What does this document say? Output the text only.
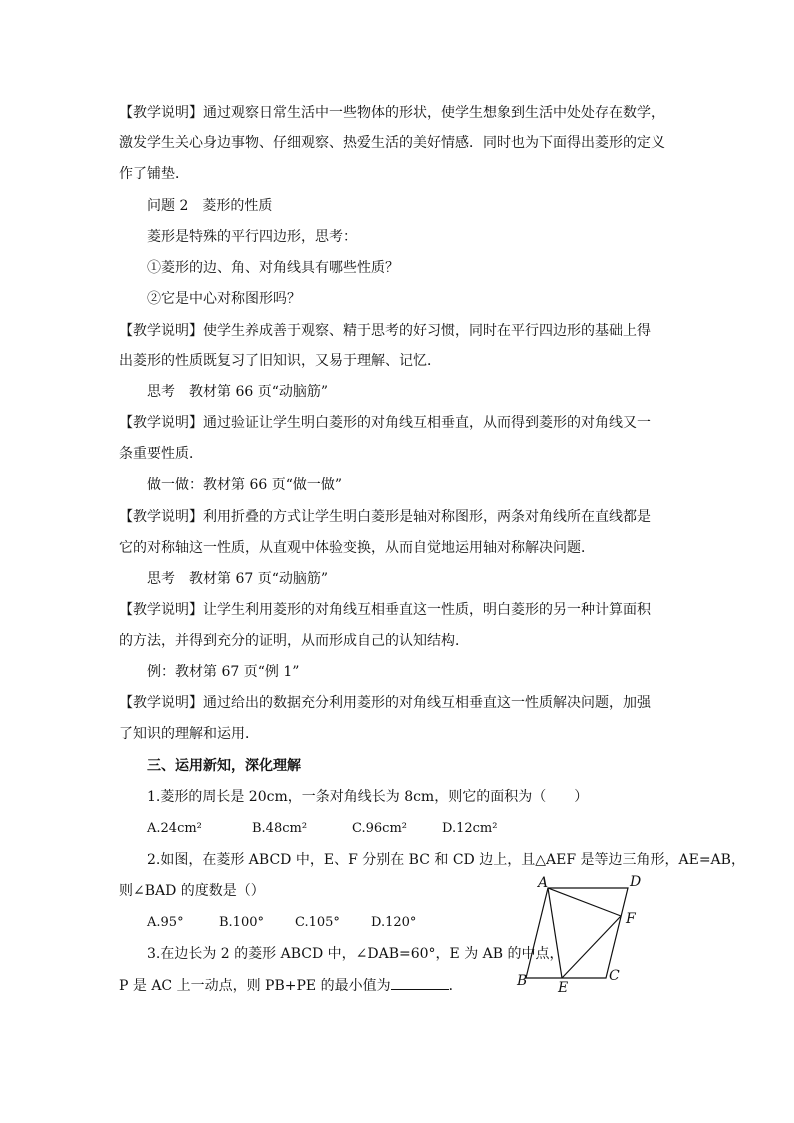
【教学说明】通过观察日常生活中一些物体的形状，使学生想象到生活中处处存在数学，
激发学生关心身边事物、仔细观察、热爱生活的美好情感．同时也为下面得出菱形的定义
作了铺垫．
问题 2　菱形的性质
菱形是特殊的平行四边形，思考：
①菱形的边、角、对角线具有哪些性质？
②它是中心对称图形吗？
【教学说明】使学生养成善于观察、精于思考的好习惯，同时在平行四边形的基础上得
出菱形的性质既复习了旧知识，又易于理解、记忆．
思考　教材第 66 页“动脑筋”
【教学说明】通过验证让学生明白菱形的对角线互相垂直，从而得到菱形的对角线又一
条重要性质．
做一做：教材第 66 页“做一做”
【教学说明】利用折叠的方式让学生明白菱形是轴对称图形，两条对角线所在直线都是
它的对称轴这一性质，从直观中体验变换，从而自觉地运用轴对称解决问题．
思考　教材第 67 页“动脑筋”
【教学说明】让学生利用菱形的对角线互相垂直这一性质，明白菱形的另一种计算面积
的方法，并得到充分的证明，从而形成自己的认知结构．
例：教材第 67 页“例 1”
【教学说明】通过给出的数据充分利用菱形的对角线互相垂直这一性质解决问题，加强
了知识的理解和运用．
三、运用新知，深化理解
1.菱形的周长是 20cm，一条对角线长为 8cm，则它的面积为（　　）
A.24cm²	B.48cm²	C.96cm²	D.12cm²
2.如图，在菱形 ABCD 中，E、F 分别在 BC 和 CD 边上，且△AEF 是等边三角形，AE=AB，
则∠BAD 的度数是（）
A.95°	B.100° C.105° D.120°
3.在边长为 2 的菱形 ABCD 中，∠DAB=60°，E 为 AB 的中点，
P 是 AC 上一动点，则 PB+PE 的最小值为	．
A	D
F
B E
C
